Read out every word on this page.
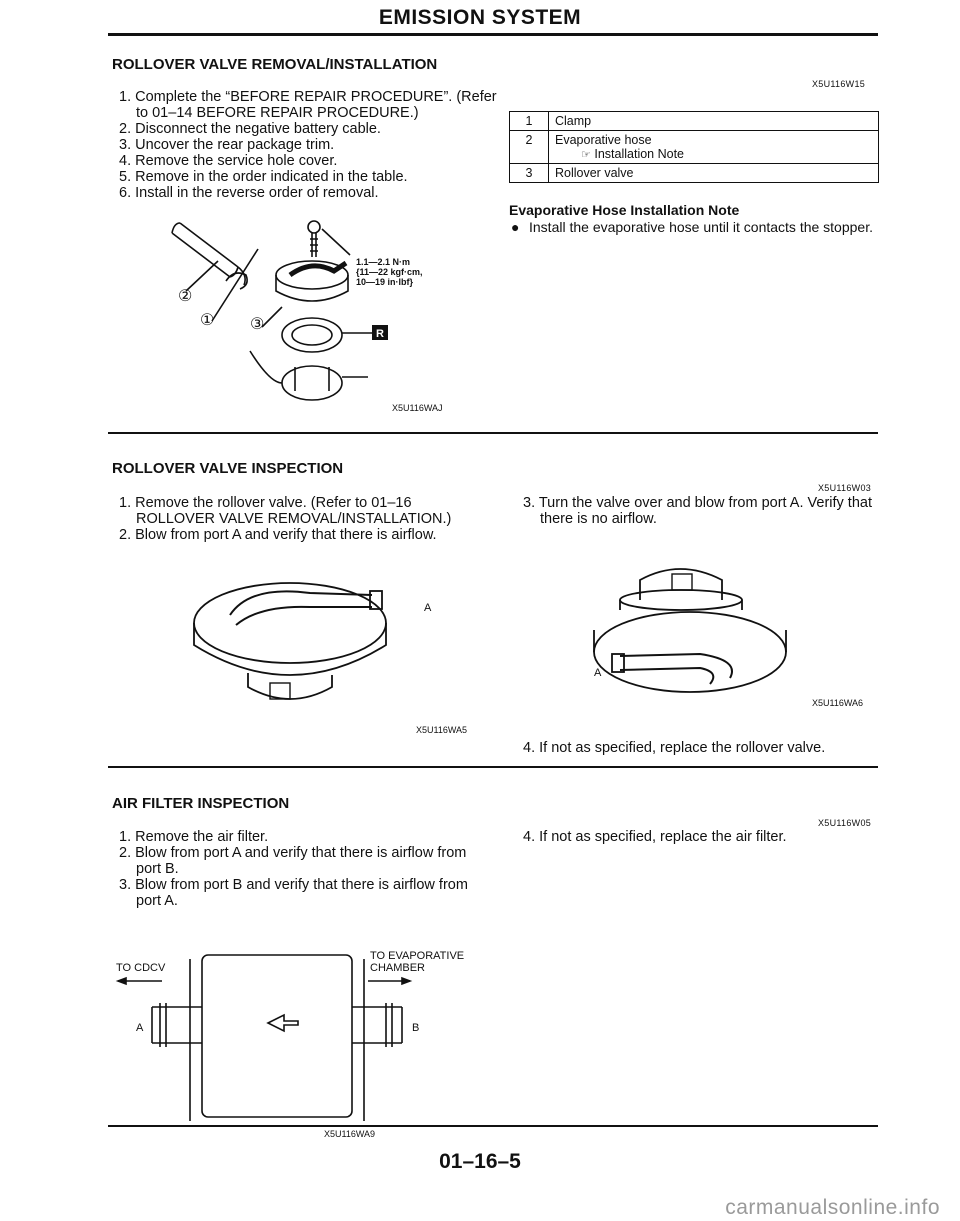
EMISSION SYSTEM
ROLLOVER VALVE REMOVAL/INSTALLATION
X5U116W15
1. Complete the “BEFORE REPAIR PROCEDURE”. (Refer to 01–14 BEFORE REPAIR PROCEDURE.)
2. Disconnect the negative battery cable.
3. Uncover the rear package trim.
4. Remove the service hole cover.
5. Remove in the order indicated in the table.
6. Install in the reverse order of removal.
R
②
① ③
1.1—2.1 N·m
{11—22 kgf·cm,
10—19 in·lbf}
X5U116WAJ
1	Clamp
2	Evaporative hose
☞ Installation Note

3	Rollover valve
Evaporative Hose Installation Note
● Install the evaporative hose until it contacts the stopper.
ROLLOVER VALVE INSPECTION
X5U116W03
1. Remove the rollover valve. (Refer to 01–16 ROLLOVER VALVE REMOVAL/INSTALLATION.)
2. Blow from port A and verify that there is airflow.
3. Turn the valve over and blow from port A. Verify that there is no airflow.
A
X5U116WA5
A
X5U116WA6
4. If not as specified, replace the rollover valve.
AIR FILTER INSPECTION
X5U116W05
1. Remove the air filter.
2. Blow from port A and verify that there is airflow from port B.
3. Blow from port B and verify that there is airflow from port A.
4. If not as specified, replace the air filter.
TO CDCV
TO EVAPORATIVE
CHAMBER
A	B
X5U116WA9
01–16–5
carmanualsonline.info
